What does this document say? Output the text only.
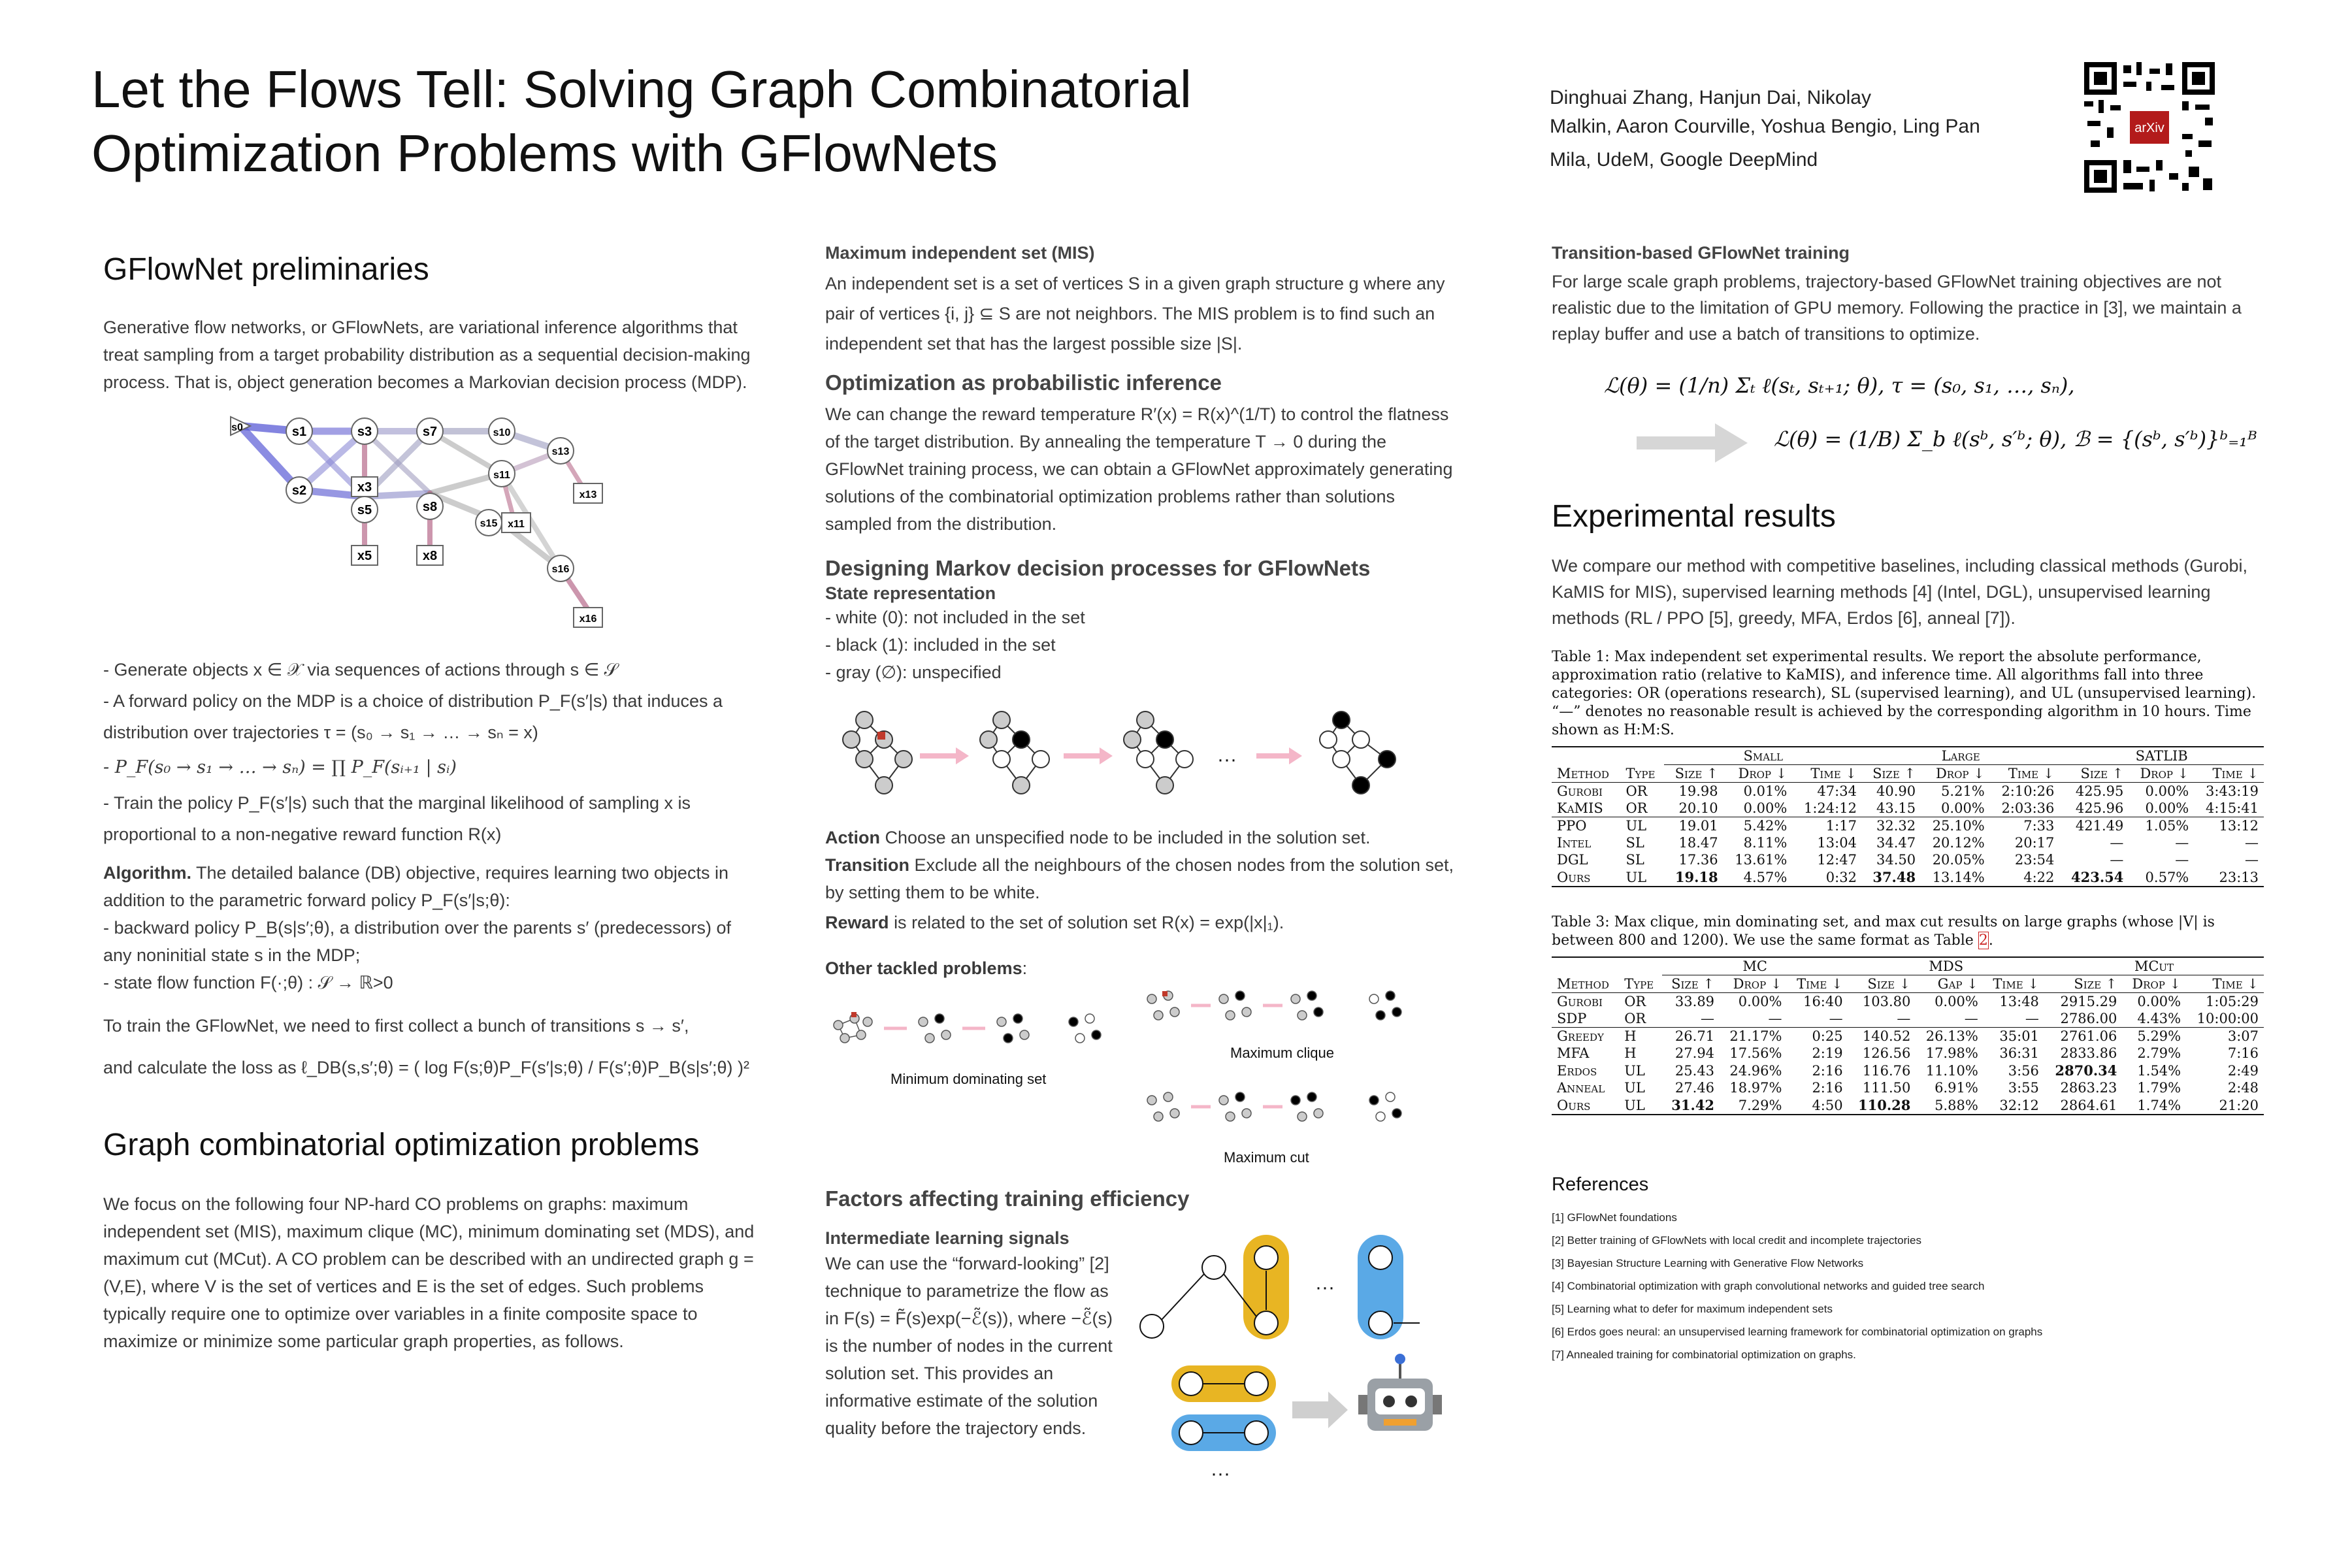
Let the Flows Tell: Solving Graph Combinatorial Optimization Problems with GFlowNets
Dinghuai Zhang, Hanjun Dai, Nikolay
Malkin, Aaron Courville, Yoshua Bengio, Ling Pan
Mila, UdeM, Google DeepMind
arXiv
GFlowNet preliminaries

Generative flow networks, or GFlowNets, are variational inference algorithms that treat sampling from a target probability distribution as a sequential decision-making process. That is, object generation becomes a Markovian decision process (MDP).

s0	s1
s2
s3
x3
s5
x5
s7
s8
x8
s10
s11
x11
s13
x13
s15
s16
x16
- Generate objects x ∈ 𝒳 via sequences of actions through s ∈ 𝒮
- A forward policy on the MDP is a choice of distribution P_F(s′|s) that induces a distribution over trajectories τ = (s₀ → s₁ → … → sₙ = x)
- P_F(s₀ → s₁ → … → sₙ) = ∏ P_F(sᵢ₊₁ | sᵢ)
- Train the policy P_F(s′|s) such that the marginal likelihood of sampling x is proportional to a non-negative reward function R(x)

Algorithm. The detailed balance (DB) objective, requires learning two objects in addition to the parametric forward policy P_F(s′|s;θ):

- backward policy P_B(s|s′;θ), a distribution over the parents s′ (predecessors) of any noninitial state s in the MDP;

- state flow function F(·;θ) : 𝒮 → ℝ>0

To train the GFlowNet, we need to first collect a bunch of transitions s → s′,

and calculate the loss as ℓ_DB(s,s′;θ) = ( log F(s;θ)P_F(s′|s;θ) / F(s′;θ)P_B(s|s′;θ) )²

Graph combinatorial optimization problems

We focus on the following four NP-hard CO problems on graphs: maximum independent set (MIS), maximum clique (MC), minimum dominating set (MDS), and maximum cut (MCut). A CO problem can be described with an undirected graph g = (V,E), where V is the set of vertices and E is the set of edges. Such problems typically require one to optimize over variables in a finite composite space to maximize or minimize some particular graph properties, as follows.

Maximum independent set (MIS)

An independent set is a set of vertices S in a given graph structure g where any pair of vertices {i, j} ⊆ S are not neighbors. The MIS problem is to find such an independent set that has the largest possible size |S|.

Optimization as probabilistic inference

We can change the reward temperature R′(x) = R(x)^(1/T) to control the flatness of the target distribution. By annealing the temperature T → 0 during the GFlowNet training process, we can obtain a GFlowNet approximately generating solutions of the combinatorial optimization problems rather than solutions sampled from the distribution.

Designing Markov decision processes for GFlowNets
State representation

- white (0): not included in the set

- black (1): included in the set

- gray (∅): unspecified

···

Action Choose an unspecified node to be included in the solution set.

Transition Exclude all the neighbours of the chosen nodes from the solution set, by setting them to be white.

Reward is related to the set of solution set R(x) = exp(|x|₁).

Other tackled problems:

Minimum dominating set
Maximum clique
Maximum cut
Factors affecting training efficiency
Intermediate learning signals

We can use the “forward-looking” [2] technique to parametrize the flow as in F(s) = F̃(s)exp(−ℰ̃(s)), where −ℰ̃(s) is the number of nodes in the current solution set. This provides an informative estimate of the solution quality before the trajectory ends.

···
···
Transition-based GFlowNet training

For large scale graph problems, trajectory-based GFlowNet training objectives are not realistic due to the limitation of GPU memory. Following the practice in [3], we maintain a replay buffer and use a batch of transitions to optimize.

ℒ(θ) = (1/n) Σₜ ℓ(sₜ, sₜ₊₁; θ), τ = (s₀, s₁, …, sₙ),
ℒ(θ) = (1/B) Σ_b ℓ(sᵇ, s′ᵇ; θ), ℬ = {(sᵇ, s′ᵇ)}ᵇ₌₁ᴮ
Experimental results

We compare our method with competitive baselines, including classical methods (Gurobi, KaMIS for MIS), supervised learning methods [4] (Intel, DGL), unsupervised learning methods (RL / PPO [5], greedy, MFA, Erdos [6], anneal [7]).

Table 1: Max independent set experimental results. We report the absolute performance, approximation ratio (relative to KaMIS), and inference time. All algorithms fall into three categories: OR (operations research), SL (supervised learning), and UL (unsupervised learning). “—” denotes no reasonable result is achieved by the corresponding algorithm in 10 hours. Time shown as H:M:S.
		Small			Large			SATLIB		
Method	Type	Size ↑	Drop ↓	Time ↓	Size ↑	Drop ↓	Time ↓	Size ↑	Drop ↓	Time ↓
Gurobi	OR	19.98	0.01%	47:34	40.90	5.21%	2:10:26	425.95	0.00%	3:43:19
KaMIS	OR	20.10	0.00%	1:24:12	43.15	0.00%	2:03:36	425.96	0.00%	4:15:41
PPO	UL	19.01	5.42%	1:17	32.32	25.10%	7:33	421.49	1.05%	13:12
Intel	SL	18.47	8.11%	13:04	34.47	20.12%	20:17	—	—	—
DGL	SL	17.36	13.61%	12:47	34.50	20.05%	23:54	—	—	—
Ours	UL	19.18	4.57%	0:32	37.48	13.14%	4:22	423.54	0.57%	23:13
Table 3: Max clique, min dominating set, and max cut results on large graphs (whose |V| is between 800 and 1200). We use the same format as Table 2.
		MC			MDS			MCut		
Method	Type	Size ↑	Drop ↓	Time ↓	Size ↓	Gap ↓	Time ↓	Size ↑	Drop ↓	Time ↓
Gurobi	OR	33.89	0.00%	16:40	103.80	0.00%	13:48	2915.29	0.00%	1:05:29
SDP	OR	—	—	—	—	—	—	2786.00	4.43%	10:00:00
Greedy	H	26.71	21.17%	0:25	140.52	26.13%	35:01	2761.06	5.29%	3:07
MFA	H	27.94	17.56%	2:19	126.56	17.98%	36:31	2833.86	2.79%	7:16
Erdos	UL	25.43	24.96%	2:16	116.76	11.10%	3:56	2870.34	1.54%	2:49
Anneal	UL	27.46	18.97%	2:16	111.50	6.91%	3:55	2863.23	1.79%	2:48
Ours	UL	31.42	7.29%	4:50	110.28	5.88%	32:12	2864.61	1.74%	21:20
References
[1] GFlowNet foundations
[2] Better training of GFlowNets with local credit and incomplete trajectories
[3] Bayesian Structure Learning with Generative Flow Networks
[4] Combinatorial optimization with graph convolutional networks and guided tree search
[5] Learning what to defer for maximum independent sets
[6] Erdos goes neural: an unsupervised learning framework for combinatorial optimization on graphs
[7] Annealed training for combinatorial optimization on graphs.
